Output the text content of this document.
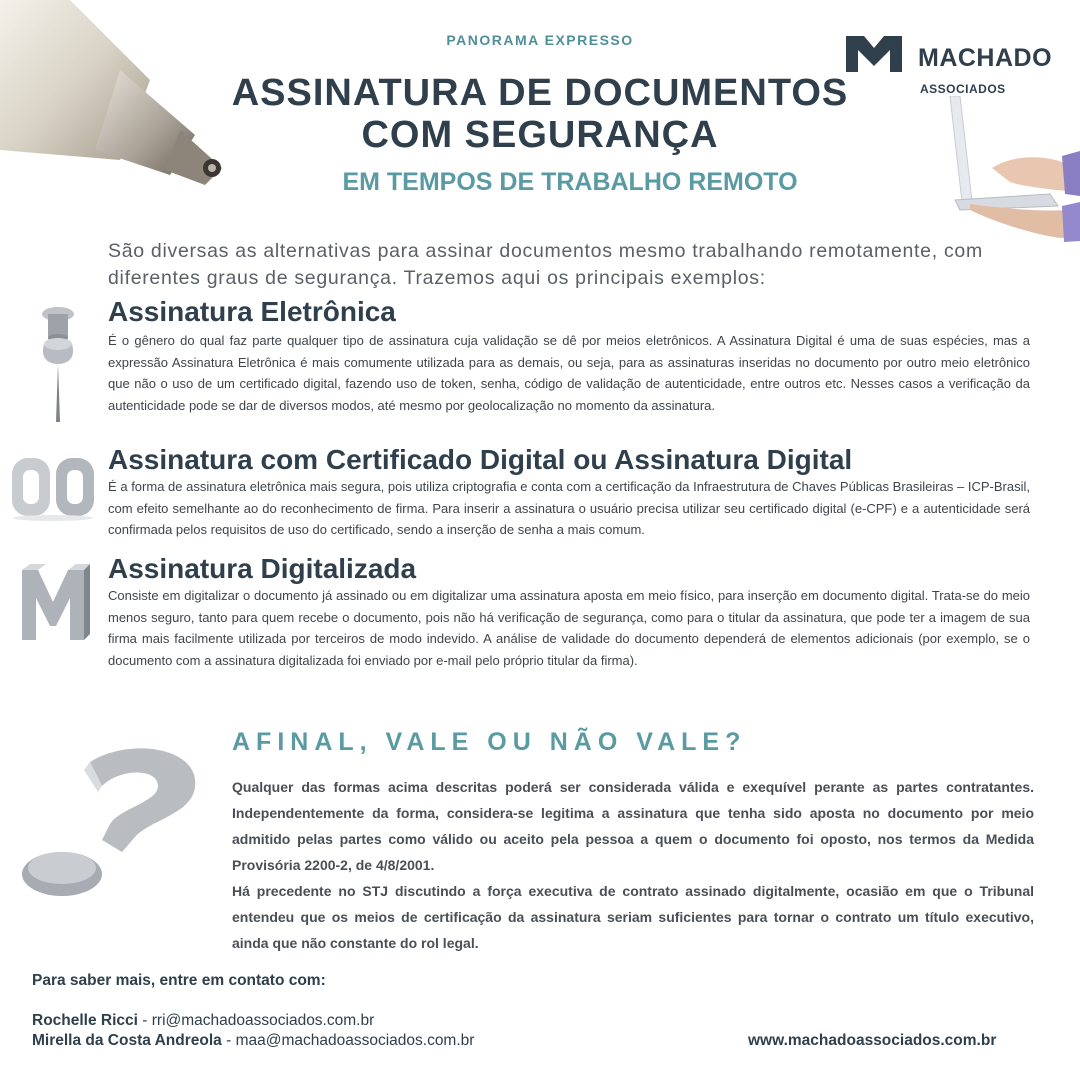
PANORAMA EXPRESSO
ASSINATURA DE DOCUMENTOS
COM SEGURANÇA
EM TEMPOS DE TRABALHO REMOTO
MACHADO
ASSOCIADOS
São diversas as alternativas para assinar documentos mesmo trabalhando remotamente, com diferentes graus de segurança. Trazemos aqui os principais exemplos:
Assinatura Eletrônica
É o gênero do qual faz parte qualquer tipo de assinatura cuja validação se dê por meios eletrônicos. A Assinatura Digital é uma de suas espécies, mas a expressão Assinatura Eletrônica é mais comumente utilizada para as demais, ou seja, para as assinaturas inseridas no documento por outro meio eletrônico que não o uso de um certificado digital, fazendo uso de token, senha, código de validação de autenticidade, entre outros etc. Nesses casos a verificação da autenticidade pode se dar de diversos modos, até mesmo por geolocalização no momento da assinatura.
Assinatura com Certificado Digital ou Assinatura Digital
É a forma de assinatura eletrônica mais segura, pois utiliza criptografia e conta com a certificação da Infraestrutura de Chaves Públicas Brasileiras – ICP-Brasil, com efeito semelhante ao do reconhecimento de firma. Para inserir a assinatura o usuário precisa utilizar seu certificado digital (e-CPF) e a autenticidade será confirmada pelos requisitos de uso do certificado, sendo a inserção de senha a mais comum.
Assinatura Digitalizada
Consiste em digitalizar o documento já assinado ou em digitalizar uma assinatura aposta em meio físico, para inserção em documento digital. Trata-se do meio menos seguro, tanto para quem recebe o documento, pois não há verificação de segurança, como para o titular da assinatura, que pode ter a imagem de sua firma mais facilmente utilizada por terceiros de modo indevido. A análise de validade do documento dependerá de elementos adicionais (por exemplo, se o documento com a assinatura digitalizada foi enviado por e-mail pelo próprio titular da firma).
AFINAL, VALE OU NÃO VALE?
Qualquer das formas acima descritas poderá ser considerada válida e exequível perante as partes contratantes. Independentemente da forma, considera-se legitima a assinatura que tenha sido aposta no documento por meio admitido pelas partes como válido ou aceito pela pessoa a quem o documento foi oposto, nos termos da Medida Provisória 2200-2, de 4/8/2001.
Há precedente no STJ discutindo a força executiva de contrato assinado digitalmente, ocasião em que o Tribunal entendeu que os meios de certificação da assinatura seriam suficientes para tornar o contrato um título executivo, ainda que não constante do rol legal.
Para saber mais, entre em contato com:
Rochelle Ricci - rri@machadoassociados.com.br
Mirella da Costa Andreola - maa@machadoassociados.com.br	www.machadoassociados.com.br
